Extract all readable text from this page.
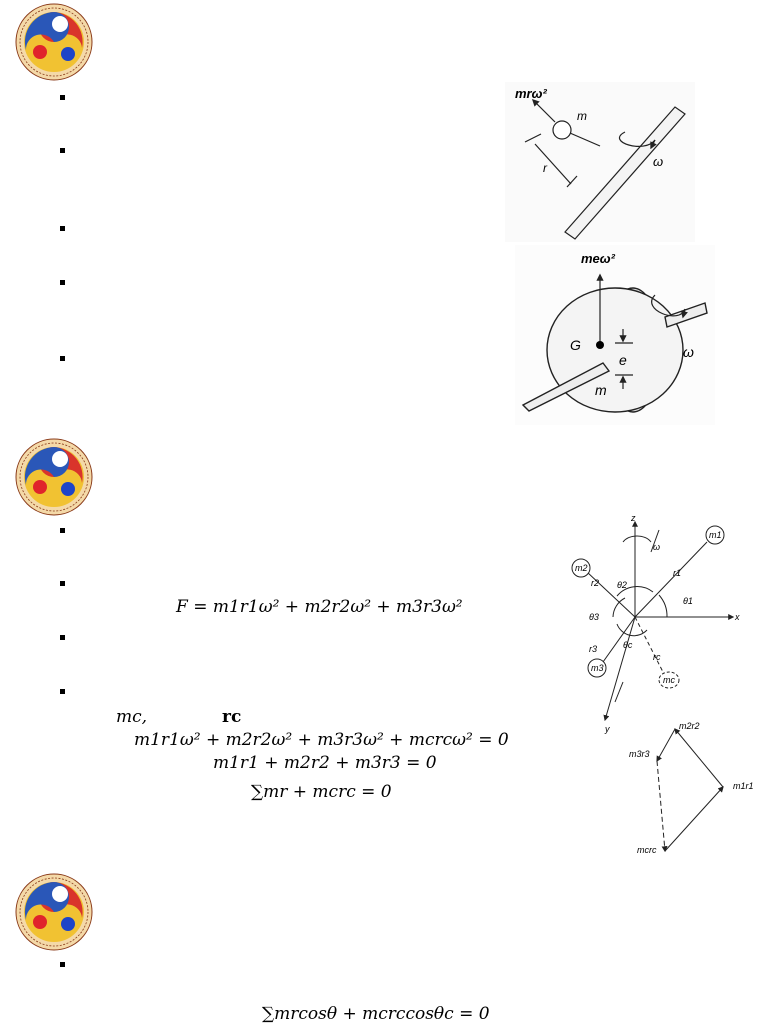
mrω²
m
r	ω
meω²
G
e
m
ω
z
x
y
m1
m2
m3
mc
r1
r2
r3
rc
θ1
θ2
θ3
θc
ω
m2r2
m3r3
m1r1
mcrc
F = m1r1ω² + m2r2ω² + m3r3ω²
mc,	rc
m1r1ω² + m2r2ω² + m3r3ω² + mcrcω² = 0
m1r1 + m2r2 + m3r3 = 0
∑mr + mcrc = 0
∑mrcosθ + mcrccosθc = 0
